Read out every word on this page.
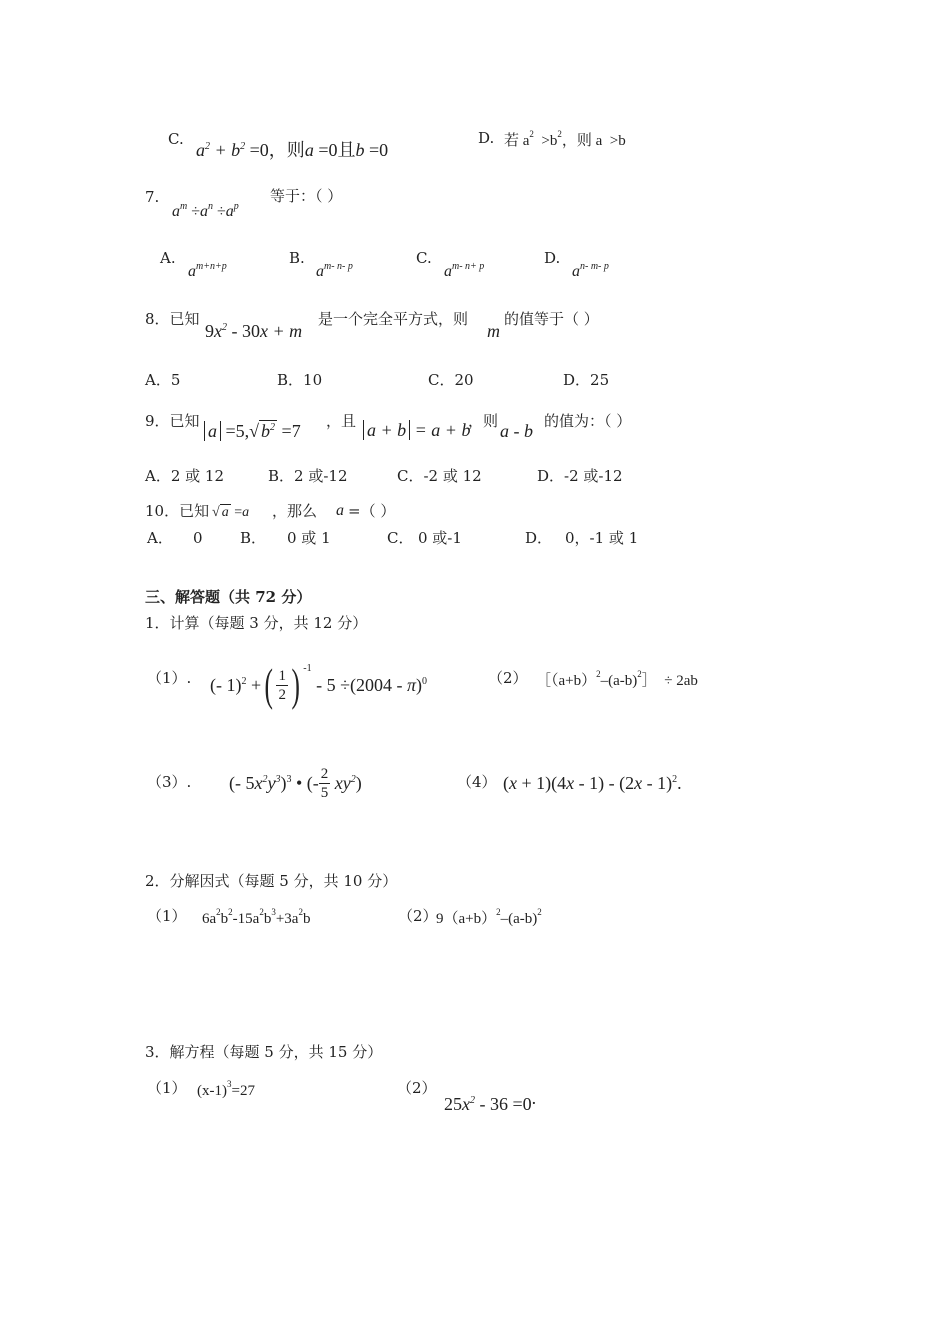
C.
$a^2 + b^2 =0$，则a =0且b =0
D. 若 $a^2 >b^2$，则 a  >b
7.
$a^m \div a^n \div a^p$
等于：（ ）
A.
$a^{m+n+p}$	B.
$a^{m- n- p}$	C.
$a^{m- n+ p}$	D.
$a^{n- m- p}$
8．已知
$9x^2 - 30x + m$
是一个完全平方式，则
m
的值等于（ ）
A．5	B．10	C．20	D．25
9．已知 a =5,√ $b^2 =7$ ，且 a + b = a + b
，则 a - b 的值为：（ ）
A．2 或 12	B．2 或-12	C．-2 或 12	D．-2 或-12
10．已知 √ a =a ，那么 a =（ ）
A． 0 B． 0 或 1	C． 0 或-1	D． 0，-1 或 1
三、解答题（共 72 分）
1．计算（每题 3 分，共 12 分）
（1）. (- 1)$^2$ + ( $\frac{1}{2}$ ) -1
- 5 ÷(2004 - π)$^0$	（2） $[(a+b)^2-(a-b)^2] \div 2ab$
（3）. (- $5x^2y^3)^3$ • (- $\frac{2}{5} xy^2$)	（4） (x + 1)(4x - 1) - (2x - 1)$^2$.
2．分解因式（每题 5 分，共 10 分）
（1） $6a^2b^2-15a^2b^3+3a^2b$	（2）
$9(a+b)^2-(a-b)^2$
3．解方程（每题 5 分，共 15 分）
（1） $(x-1)^3=27$	（2）
$25x^2 - 36 =0$.
